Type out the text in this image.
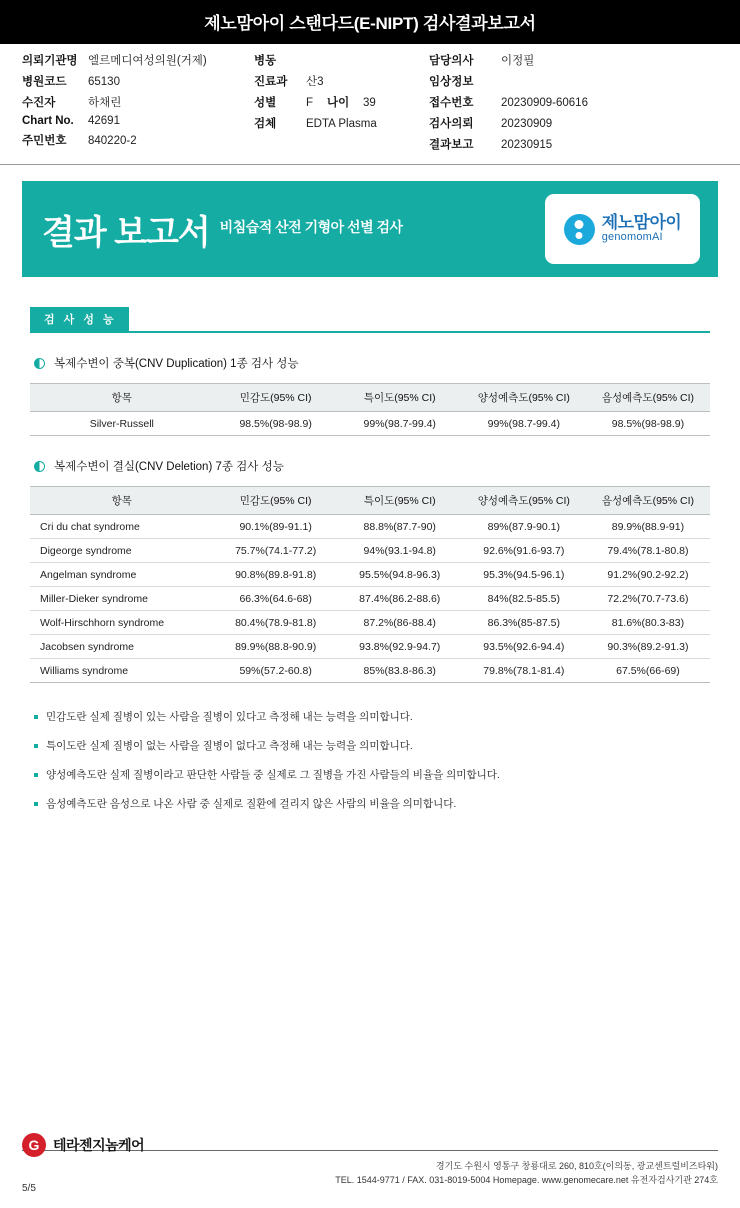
제노맘아이 스탠다드(E-NIPT) 검사결과보고서
의뢰기관명 엘르메디여성의원(거제)
병원코드	65130
수진자	하채린
Chart No.	42691
주민번호	840220-2
병동
진료과	산3
성별	F 나이	39
검체	EDTA Plasma
담당의사	이정필
임상정보
접수번호	20230909-60616
검사의뢰	20230909
결과보고	20230915
결과 보고서 비침습적 산전 기형아 선별 검사	제노맘아이
genomomAI
검 사 성 능
복제수변이 중복(CNV Duplication) 1종 검사 성능
항목	민감도(95% CI)	특이도(95% CI)	양성예측도(95% CI)	음성예측도(95% CI)
Silver-Russell	98.5%(98-98.9)	99%(98.7-99.4)	99%(98.7-99.4)	98.5%(98-98.9)
복제수변이 결실(CNV Deletion) 7종 검사 성능
항목	민감도(95% CI)	특이도(95% CI)	양성예측도(95% CI)	음성예측도(95% CI)
Cri du chat syndrome	90.1%(89-91.1)	88.8%(87.7-90)	89%(87.9-90.1)	89.9%(88.9-91)
Digeorge syndrome	75.7%(74.1-77.2)	94%(93.1-94.8)	92.6%(91.6-93.7)	79.4%(78.1-80.8)
Angelman syndrome	90.8%(89.8-91.8)	95.5%(94.8-96.3)	95.3%(94.5-96.1)	91.2%(90.2-92.2)
Miller-Dieker syndrome	66.3%(64.6-68)	87.4%(86.2-88.6)	84%(82.5-85.5)	72.2%(70.7-73.6)
Wolf-Hirschhorn syndrome	80.4%(78.9-81.8)	87.2%(86-88.4)	86.3%(85-87.5)	81.6%(80.3-83)
Jacobsen syndrome	89.9%(88.8-90.9)	93.8%(92.9-94.7)	93.5%(92.6-94.4)	90.3%(89.2-91.3)
Williams syndrome	59%(57.2-60.8)	85%(83.8-86.3)	79.8%(78.1-81.4)	67.5%(66-69)
민감도란 실제 질병이 있는 사람을 질병이 있다고 측정해 내는 능력을 의미합니다.
특이도란 실제 질병이 없는 사람을 질병이 없다고 측정해 내는 능력을 의미합니다.
양성예측도란 실제 질병이라고 판단한 사람들 중 실제로 그 질병을 가진 사람들의 비율을 의미합니다.
음성예측도란 음성으로 나온 사람 중 실제로 질환에 걸리지 않은 사람의 비율을 의미합니다.
G 테라젠지놈케어
5/5
경기도 수원시 영통구 창룡대로 260, 810호(이의동, 광교센트럴비즈타워)
TEL. 1544-9771 / FAX. 031-8019-5004 Homepage. www.genomecare.net 유전자검사기관 274호
